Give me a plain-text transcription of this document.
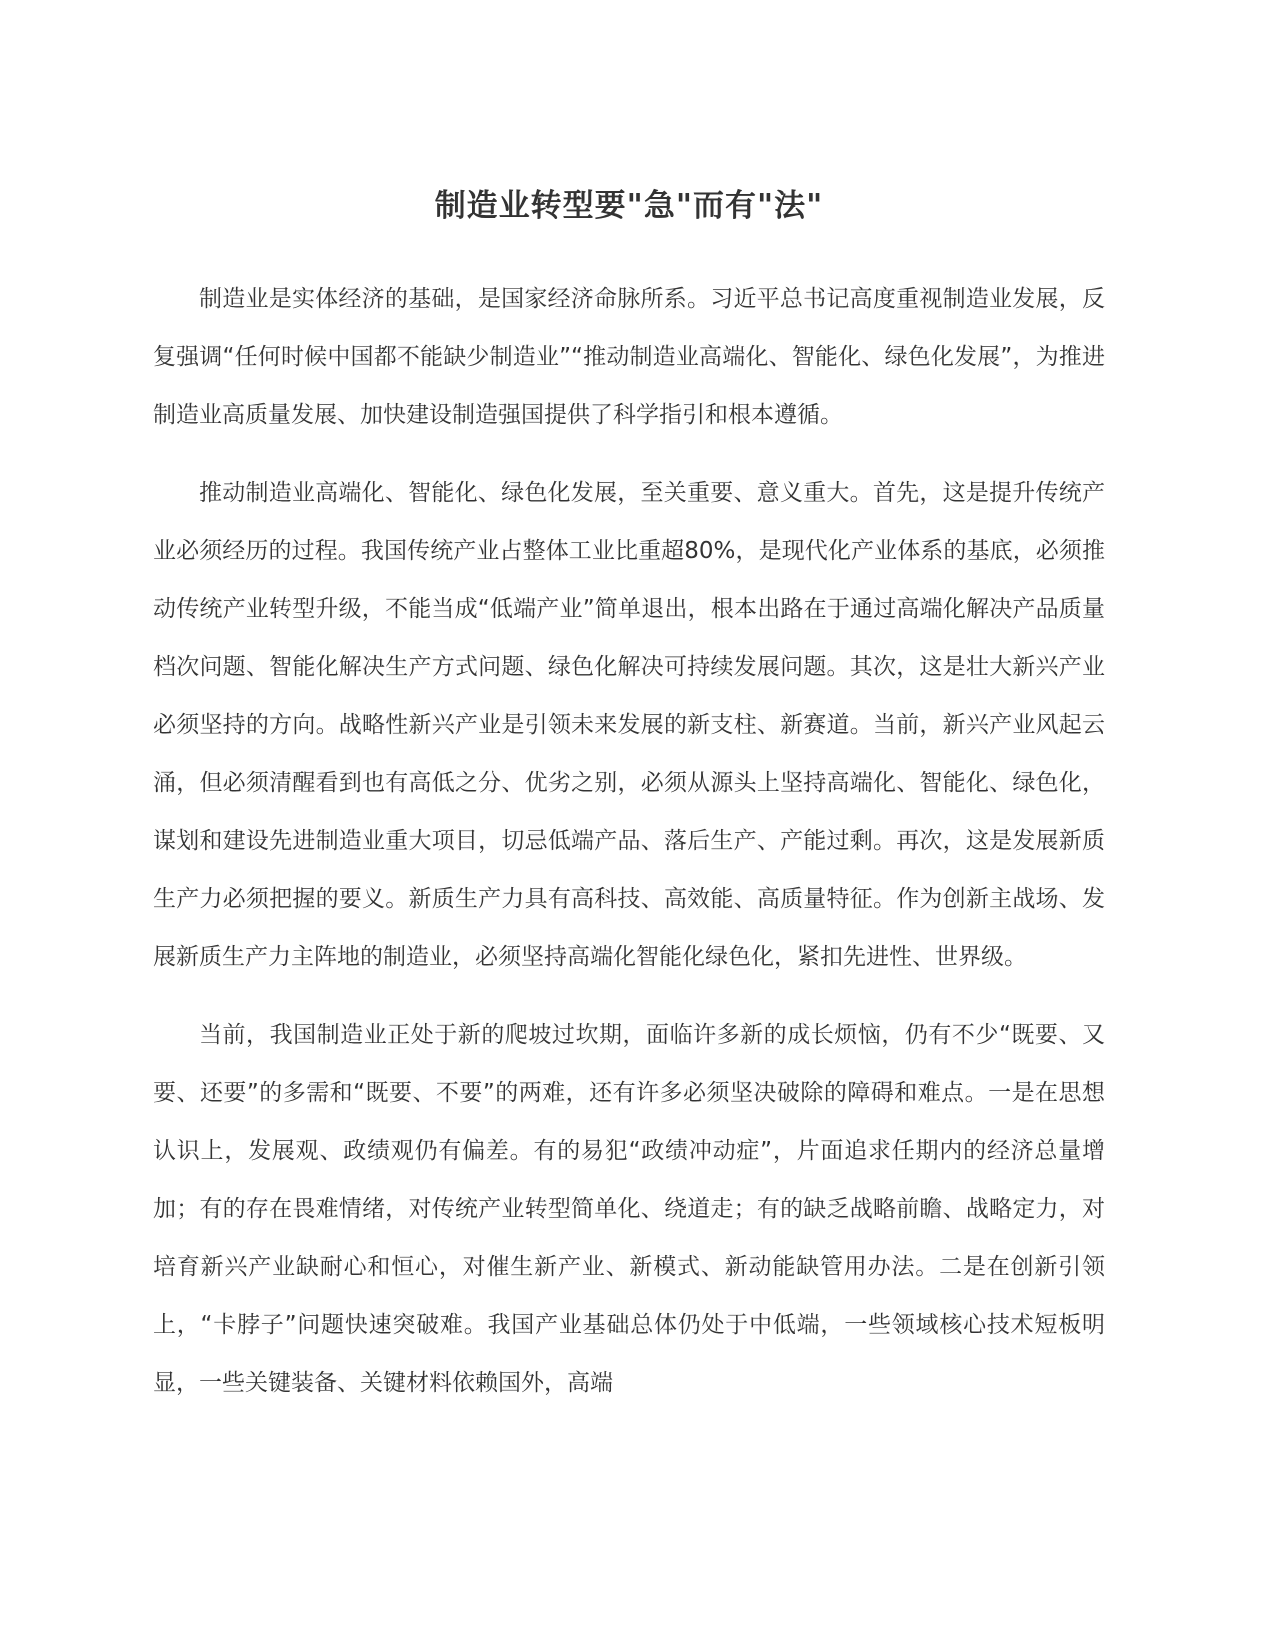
制造业转型要"急"而有"法"

制造业是实体经济的基础，是国家经济命脉所系。习近平总书记高度重视制造业发展，反复强调“任何时候中国都不能缺少制造业”“推动制造业高端化、智能化、绿色化发展”，为推进制造业高质量发展、加快建设制造强国提供了科学指引和根本遵循。

推动制造业高端化、智能化、绿色化发展，至关重要、意义重大。首先，这是提升传统产业必须经历的过程。我国传统产业占整体工业比重超80%，是现代化产业体系的基底，必须推动传统产业转型升级，不能当成“低端产业”简单退出，根本出路在于通过高端化解决产品质量档次问题、智能化解决生产方式问题、绿色化解决可持续发展问题。其次，这是壮大新兴产业必须坚持的方向。战略性新兴产业是引领未来发展的新支柱、新赛道。当前，新兴产业风起云涌，但必须清醒看到也有高低之分、优劣之别，必须从源头上坚持高端化、智能化、绿色化，谋划和建设先进制造业重大项目，切忌低端产品、落后生产、产能过剩。再次，这是发展新质生产力必须把握的要义。新质生产力具有高科技、高效能、高质量特征。作为创新主战场、发展新质生产力主阵地的制造业，必须坚持高端化智能化绿色化，紧扣先进性、世界级。

当前，我国制造业正处于新的爬坡过坎期，面临许多新的成长烦恼，仍有不少“既要、又要、还要”的多需和“既要、不要”的两难，还有许多必须坚决破除的障碍和难点。一是在思想认识上，发展观、政绩观仍有偏差。有的易犯“政绩冲动症”，片面追求任期内的经济总量增加；有的存在畏难情绪，对传统产业转型简单化、绕道走；有的缺乏战略前瞻、战略定力，对培育新兴产业缺耐心和恒心，对催生新产业、新模式、新动能缺管用办法。二是在创新引领上，“卡脖子”问题快速突破难。我国产业基础总体仍处于中低端，一些领域核心技术短板明显，一些关键装备、关键材料依赖国外，高端
